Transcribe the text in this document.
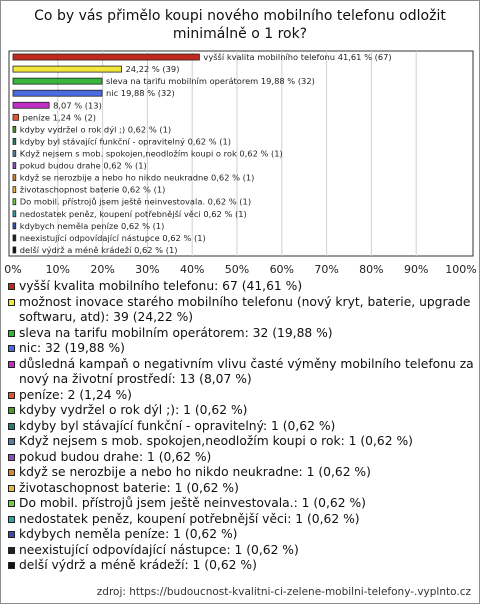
Co by vás přimělo koupi nového mobilního telefonu odložit minimálně o 1 rok?
0% 10% 20% 30% 40% 50% 60% 70% 80% 90% 100%
vyšší kvalita mobilního telefonu 41,61 % (67)
24,22 % (39)
sleva na tarifu mobilním operátorem 19,88 % (32)
nic 19,88 % (32)
8,07 % (13)
peníze 1,24 % (2)
kdyby vydržel o rok dýl ;) 0,62 % (1)
kdyby byl stávající funkční - opravitelný 0,62 % (1)
Když nejsem s mob. spokojen,neodložím koupi o rok 0,62 % (1)
pokud budou drahe 0,62 % (1)
když se nerozbije a nebo ho nikdo neukradne 0,62 % (1)
životaschopnost baterie 0,62 % (1)
Do mobil. přístrojů jsem ještě neinvestovala. 0,62 % (1)
nedostatek peněz, koupení potřebnější věci 0,62 % (1)
kdybych neměla peníze 0,62 % (1)
neexistující odpovídající nástupce 0,62 % (1)
delší výdrž a méně krádeží 0,62 % (1)
vyšší kvalita mobilního telefonu: 67 (41,61 %)
možnost inovace starého mobilního telefonu (nový kryt, baterie, upgrade softwaru, atd): 39 (24,22 %)
sleva na tarifu mobilním operátorem: 32 (19,88 %)
nic: 32 (19,88 %)
důsledná kampaň o negativním vlivu časté výměny mobilního telefonu za nový na životní prostředí: 13 (8,07 %)
peníze: 2 (1,24 %)
kdyby vydržel o rok dýl ;): 1 (0,62 %)
kdyby byl stávající funkční - opravitelný: 1 (0,62 %)
Když nejsem s mob. spokojen,neodložím koupi o rok: 1 (0,62 %)
pokud budou drahe: 1 (0,62 %)
když se nerozbije a nebo ho nikdo neukradne: 1 (0,62 %)
životaschopnost baterie: 1 (0,62 %)
Do mobil. přístrojů jsem ještě neinvestovala.: 1 (0,62 %)
nedostatek peněz, koupení potřebnější věci: 1 (0,62 %)
kdybych neměla peníze: 1 (0,62 %)
neexistující odpovídající nástupce: 1 (0,62 %)
delší výdrž a méně krádeží: 1 (0,62 %)
zdroj: https://budoucnost-kvalitni-ci-zelene-mobilni-telefony-.vyplnto.cz
